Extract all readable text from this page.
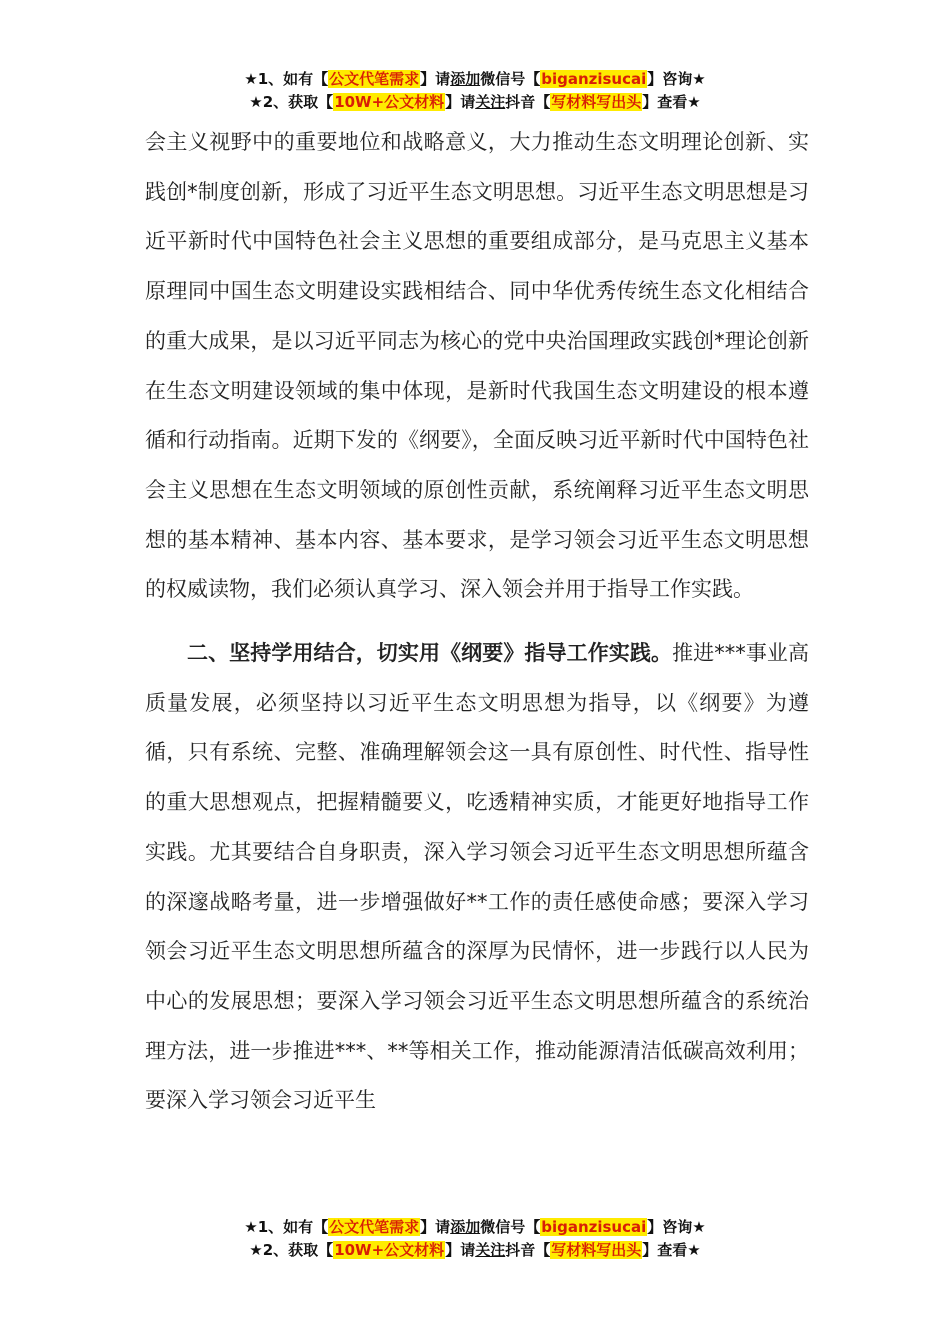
★1、如有【公文代笔需求】请添加微信号【biganzisucai】咨询★
★2、获取【10W+公文材料】请关注抖音【写材料写出头】查看★

会主义视野中的重要地位和战略意义，大力推动生态文明理论创新、实践创*制度创新，形成了习近平生态文明思想。习近平生态文明思想是习近平新时代中国特色社会主义思想的重要组成部分，是马克思主义基本原理同中国生态文明建设实践相结合、同中华优秀传统生态文化相结合的重大成果，是以习近平同志为核心的党中央治国理政实践创*理论创新在生态文明建设领域的集中体现，是新时代我国生态文明建设的根本遵循和行动指南。近期下发的《纲要》，全面反映习近平新时代中国特色社会主义思想在生态文明领域的原创性贡献，系统阐释习近平生态文明思想的基本精神、基本内容、基本要求，是学习领会习近平生态文明思想的权威读物，我们必须认真学习、深入领会并用于指导工作实践。

二、坚持学用结合，切实用《纲要》指导工作实践。推进***事业高质量发展，必须坚持以习近平生态文明思想为指导，以《纲要》为遵循，只有系统、完整、准确理解领会这一具有原创性、时代性、指导性的重大思想观点，把握精髓要义，吃透精神实质，才能更好地指导工作实践。尤其要结合自身职责，深入学习领会习近平生态文明思想所蕴含的深邃战略考量，进一步增强做好**工作的责任感使命感；要深入学习领会习近平生态文明思想所蕴含的深厚为民情怀，进一步践行以人民为中心的发展思想；要深入学习领会习近平生态文明思想所蕴含的系统治理方法，进一步推进***、**等相关工作，推动能源清洁低碳高效利用；要深入学习领会习近平生

★1、如有【公文代笔需求】请添加微信号【biganzisucai】咨询★
★2、获取【10W+公文材料】请关注抖音【写材料写出头】查看★
